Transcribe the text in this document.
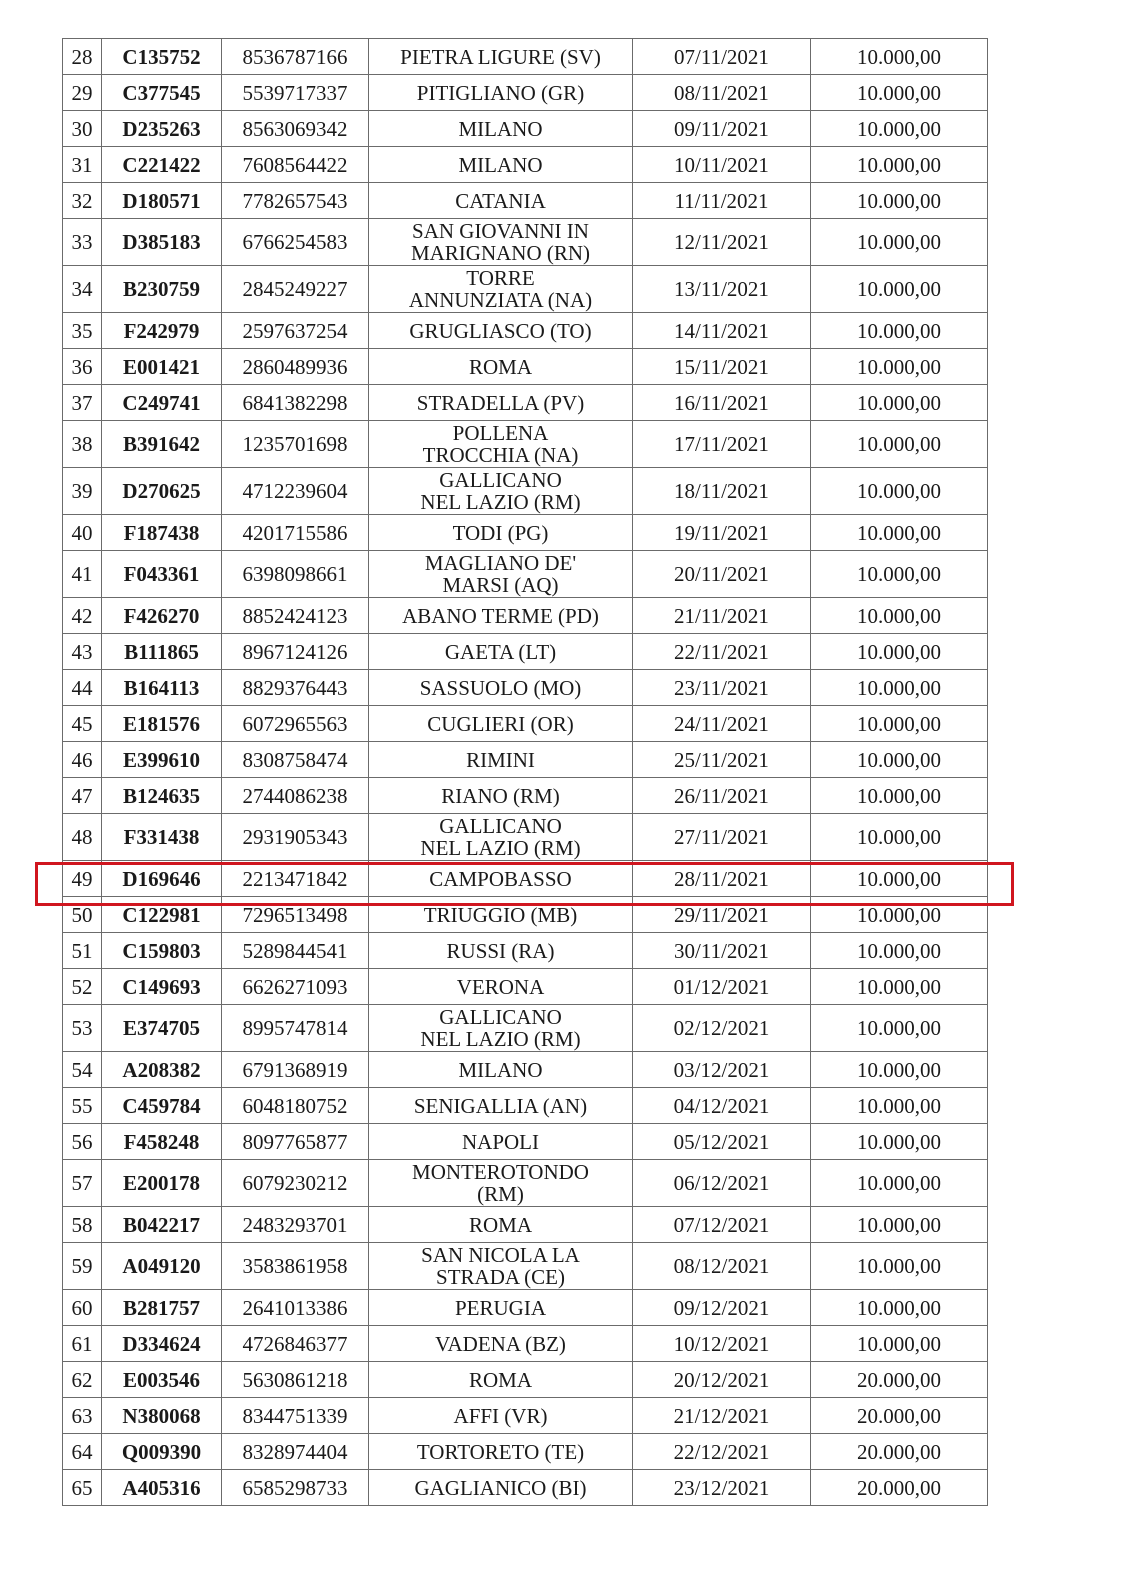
28	C135752	8536787166	PIETRA LIGURE (SV)	07/11/2021	10.000,00
29	C377545	5539717337	PITIGLIANO (GR)	08/11/2021	10.000,00
30	D235263	8563069342	MILANO	09/11/2021	10.000,00
31	C221422	7608564422	MILANO	10/11/2021	10.000,00
32	D180571	7782657543	CATANIA	11/11/2021	10.000,00
33	D385183	6766254583	SAN GIOVANNI IN
MARIGNANO (RN)	12/11/2021	10.000,00
34	B230759	2845249227	TORRE
ANNUNZIATA (NA)	13/11/2021	10.000,00
35	F242979	2597637254	GRUGLIASCO (TO)	14/11/2021	10.000,00
36	E001421	2860489936	ROMA	15/11/2021	10.000,00
37	C249741	6841382298	STRADELLA (PV)	16/11/2021	10.000,00
38	B391642	1235701698	POLLENA
TROCCHIA (NA)	17/11/2021	10.000,00
39	D270625	4712239604	GALLICANO
NEL LAZIO (RM)	18/11/2021	10.000,00
40	F187438	4201715586	TODI (PG)	19/11/2021	10.000,00
41	F043361	6398098661	MAGLIANO DE'
MARSI (AQ)	20/11/2021	10.000,00
42	F426270	8852424123	ABANO TERME (PD)	21/11/2021	10.000,00
43	B111865	8967124126	GAETA (LT)	22/11/2021	10.000,00
44	B164113	8829376443	SASSUOLO (MO)	23/11/2021	10.000,00
45	E181576	6072965563	CUGLIERI (OR)	24/11/2021	10.000,00
46	E399610	8308758474	RIMINI	25/11/2021	10.000,00
47	B124635	2744086238	RIANO (RM)	26/11/2021	10.000,00
48	F331438	2931905343	GALLICANO
NEL LAZIO (RM)	27/11/2021	10.000,00
49	D169646	2213471842	CAMPOBASSO	28/11/2021	10.000,00
50	C122981	7296513498	TRIUGGIO (MB)	29/11/2021	10.000,00
51	C159803	5289844541	RUSSI (RA)	30/11/2021	10.000,00
52	C149693	6626271093	VERONA	01/12/2021	10.000,00
53	E374705	8995747814	GALLICANO
NEL LAZIO (RM)	02/12/2021	10.000,00
54	A208382	6791368919	MILANO	03/12/2021	10.000,00
55	C459784	6048180752	SENIGALLIA (AN)	04/12/2021	10.000,00
56	F458248	8097765877	NAPOLI	05/12/2021	10.000,00
57	E200178	6079230212	MONTEROTONDO
(RM)	06/12/2021	10.000,00
58	B042217	2483293701	ROMA	07/12/2021	10.000,00
59	A049120	3583861958	SAN NICOLA LA
STRADA (CE)	08/12/2021	10.000,00
60	B281757	2641013386	PERUGIA	09/12/2021	10.000,00
61	D334624	4726846377	VADENA (BZ)	10/12/2021	10.000,00
62	E003546	5630861218	ROMA	20/12/2021	20.000,00
63	N380068	8344751339	AFFI (VR)	21/12/2021	20.000,00
64	Q009390	8328974404	TORTORETO (TE)	22/12/2021	20.000,00
65	A405316	6585298733	GAGLIANICO (BI)	23/12/2021	20.000,00
